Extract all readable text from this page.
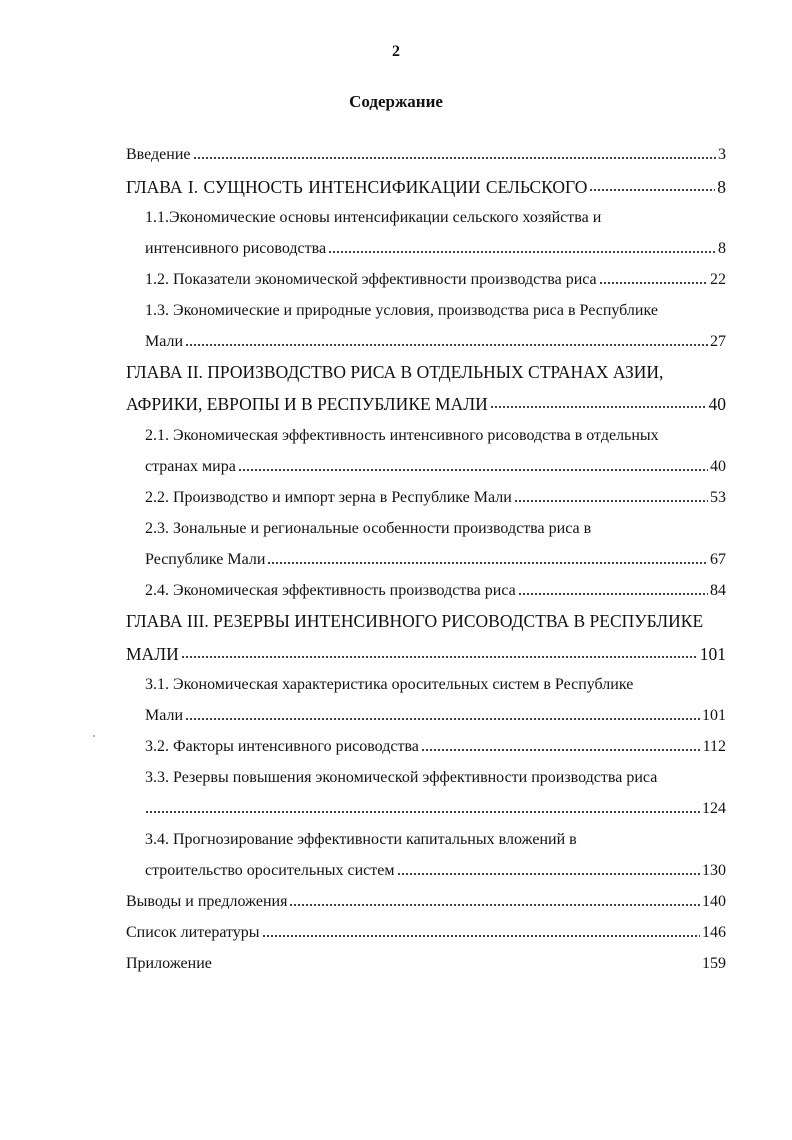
2
Содержание
Введение	3
ГЛАВА I. СУЩНОСТЬ ИНТЕНСИФИКАЦИИ СЕЛЬСКОГО	8
1.1.Экономические основы интенсификации сельского хозяйства и
интенсивного рисоводства	8
1.2. Показатели экономической эффективности производства риса	22
1.3. Экономические и природные условия, производства риса в Республике
Мали	27
ГЛАВА II. ПРОИЗВОДСТВО РИСА В ОТДЕЛЬНЫХ СТРАНАХ АЗИИ,
АФРИКИ, ЕВРОПЫ И В РЕСПУБЛИКЕ МАЛИ	40
2.1. Экономическая эффективность интенсивного рисоводства в отдельных
странах мира	40
2.2. Производство и импорт зерна в Республике Мали	53
2.3. Зональные и региональные особенности производства риса в
Республике Мали	67
2.4. Экономическая эффективность производства риса	84
ГЛАВА III. РЕЗЕРВЫ ИНТЕНСИВНОГО РИСОВОДСТВА В РЕСПУБЛИКЕ
МАЛИ	101
3.1. Экономическая характеристика оросительных систем в Республике
Мали	101
3.2. Факторы интенсивного рисоводства	112
3.3. Резервы повышения экономической эффективности производства риса
124
3.4. Прогнозирование эффективности капитальных вложений в
строительство оросительных систем	130
Выводы и предложения	140
Список литературы	146
Приложение	159
